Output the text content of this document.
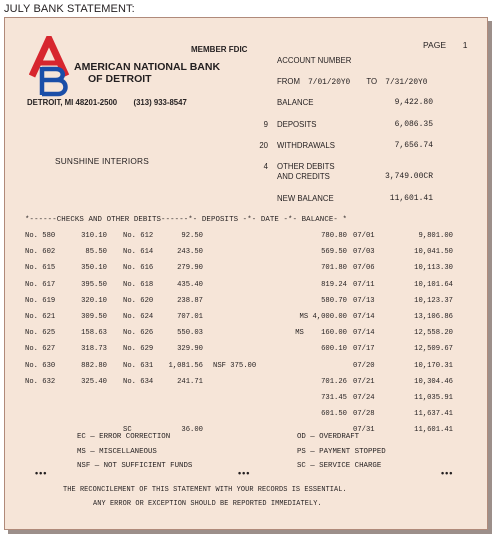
JULY BANK STATEMENT:
MEMBER FDIC
AMERICAN NATIONAL BANK
OF DETROIT
DETROIT, MI 48201-2500 (313) 933-8547
PAGE 1
ACCOUNT NUMBER
FROM 7/01/20Y0 TO 7/31/20Y0
BALANCE	9,422.80
9 DEPOSITS	6,086.35
20 WITHDRAWALS	7,656.74
4 OTHER DEBITS
AND CREDITS	3,749.00CR
NEW BALANCE	11,601.41
SUNSHINE INTERIORS
*------CHECKS AND OTHER DEBITS------*- DEPOSITS -*- DATE -*- BALANCE- *
No. 580	310.10 No. 612	92.50	780.80 07/01	9,801.00
No. 602	85.50 No. 614	243.50	569.50 07/03	10,041.50
No. 615	350.10 No. 616	279.90	701.80 07/06	10,113.30
No. 617	395.50 No. 618	435.40	819.24 07/11	10,101.64
No. 619	320.10 No. 620	238.87	580.70 07/13	10,123.37
No. 621	309.50 No. 624	707.01	MS 4,000.00 07/14	13,106.86
No. 625	158.63 No. 626	550.03	MS    160.00 07/14	12,558.20
No. 627	318.73 No. 629	329.90	600.10 07/17	12,509.67
No. 630	882.80 No. 631	1,081.56 NSF 375.00	07/20	10,170.31
No. 632	325.40 No. 634	241.71	701.26 07/21	10,304.46
731.45 07/24	11,035.91
601.50 07/28	11,637.41
SC	36.00	07/31	11,601.41
EC — ERROR CORRECTION
MS — MISCELLANEOUS
NSF — NOT SUFFICIENT FUNDS
OD — OVERDRAFT
PS — PAYMENT STOPPED
SC — SERVICE CHARGE
•••	•••	•••
THE RECONCILEMENT OF THIS STATEMENT WITH YOUR RECORDS IS ESSENTIAL.
ANY ERROR OR EXCEPTION SHOULD BE REPORTED IMMEDIATELY.
